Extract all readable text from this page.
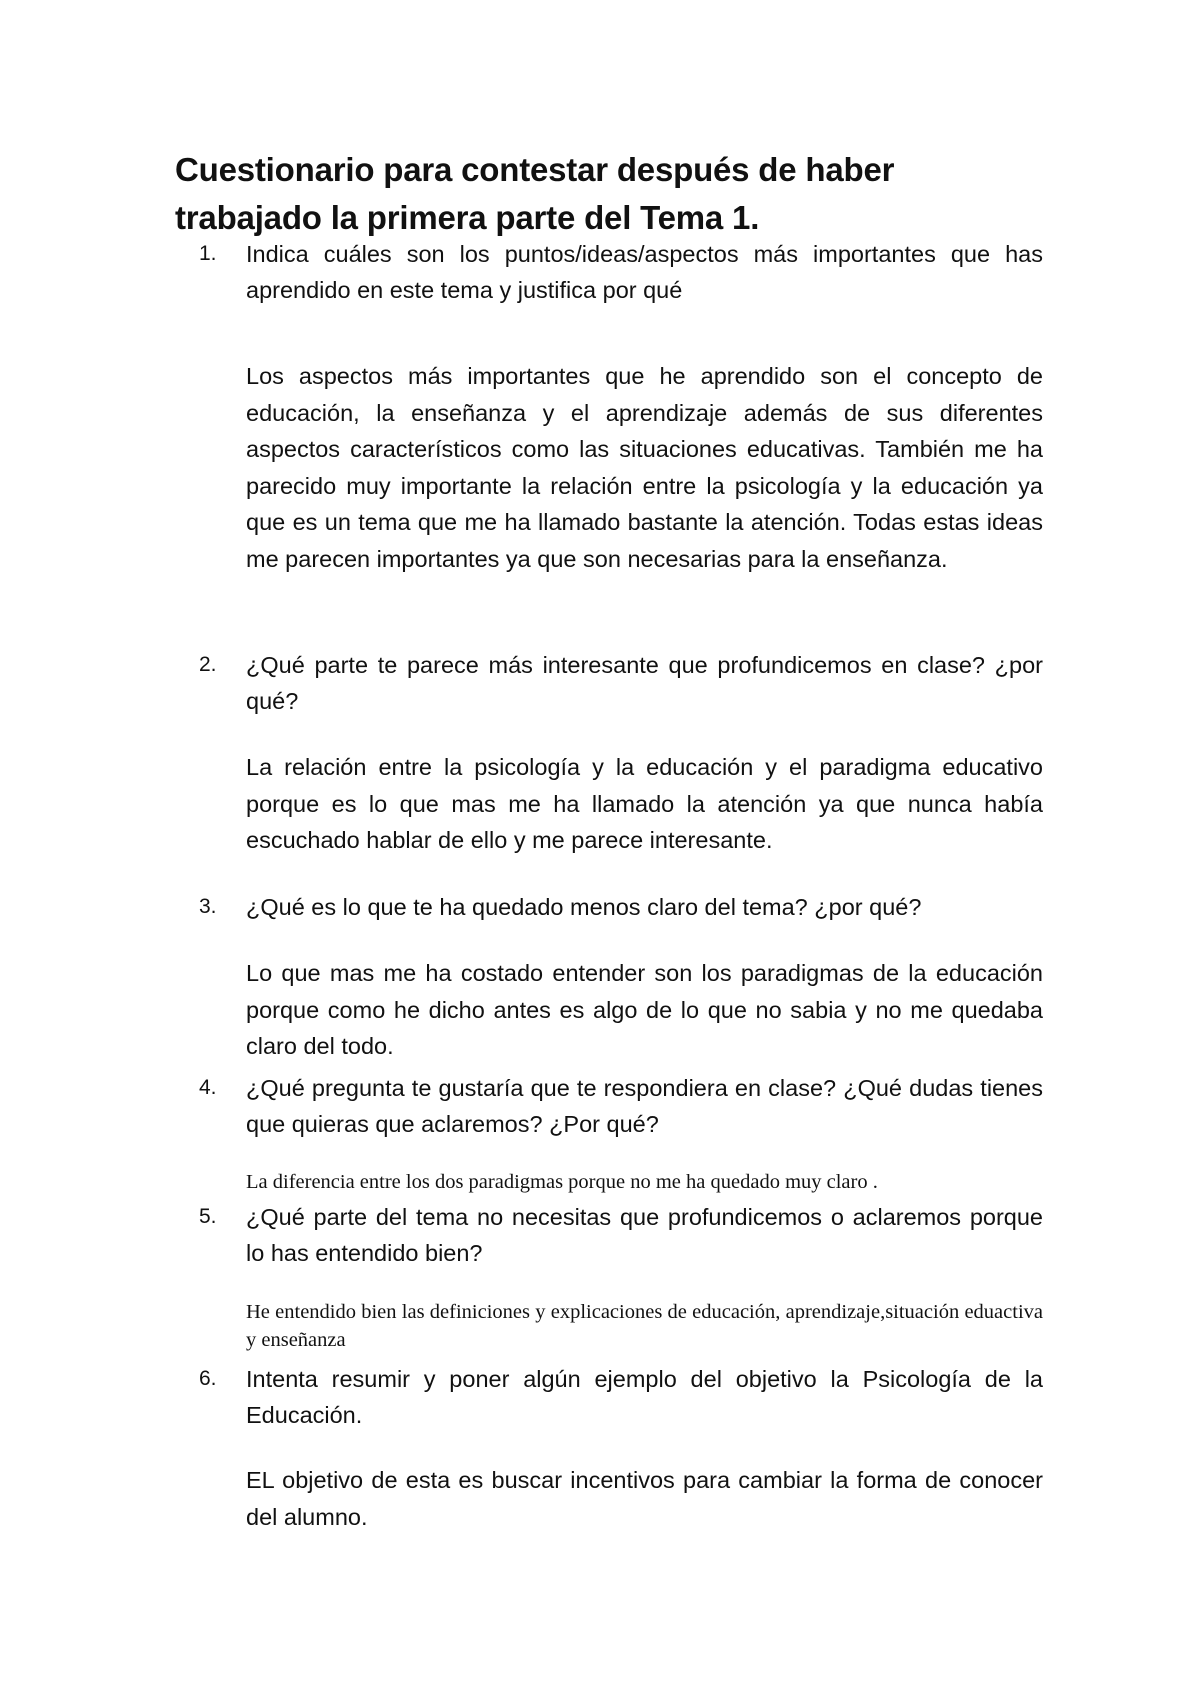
Cuestionario para contestar después de haber trabajado la primera parte del Tema 1.
1.	Indica cuáles son los puntos/ideas/aspectos más importantes que has aprendido en este tema y justifica por qué
Los aspectos más importantes que he aprendido son el concepto de educación, la enseñanza y el aprendizaje además de sus diferentes aspectos característicos como las situaciones educativas. También me ha parecido muy importante la relación entre la psicología y la educación ya que es un tema que me ha llamado bastante la atención. Todas estas ideas me parecen importantes ya que son necesarias para la enseñanza.
2.	¿Qué parte te parece más interesante que profundicemos en clase? ¿por qué?
La relación entre la psicología y la educación y el paradigma educativo porque es lo que mas me ha llamado la atención ya que nunca había escuchado hablar de ello y me parece interesante.
3.	¿Qué es lo que te ha quedado menos claro del tema? ¿por qué?
Lo que mas me ha costado entender son los paradigmas de la educación porque como he dicho antes es algo de lo que no sabia y no me quedaba claro del todo.
4.	¿Qué pregunta te gustaría que te respondiera en clase? ¿Qué dudas tienes que quieras que aclaremos? ¿Por qué?
La diferencia entre los dos paradigmas porque no me ha quedado muy claro .
5.	¿Qué parte del tema no necesitas que profundicemos o aclaremos porque lo has entendido bien?
He entendido bien las definiciones y explicaciones de educación, aprendizaje,situación eduactiva y enseñanza
6.	Intenta resumir y poner algún ejemplo del objetivo la Psicología de la Educación.
EL objetivo de esta es buscar incentivos para cambiar la forma de conocer del alumno.
